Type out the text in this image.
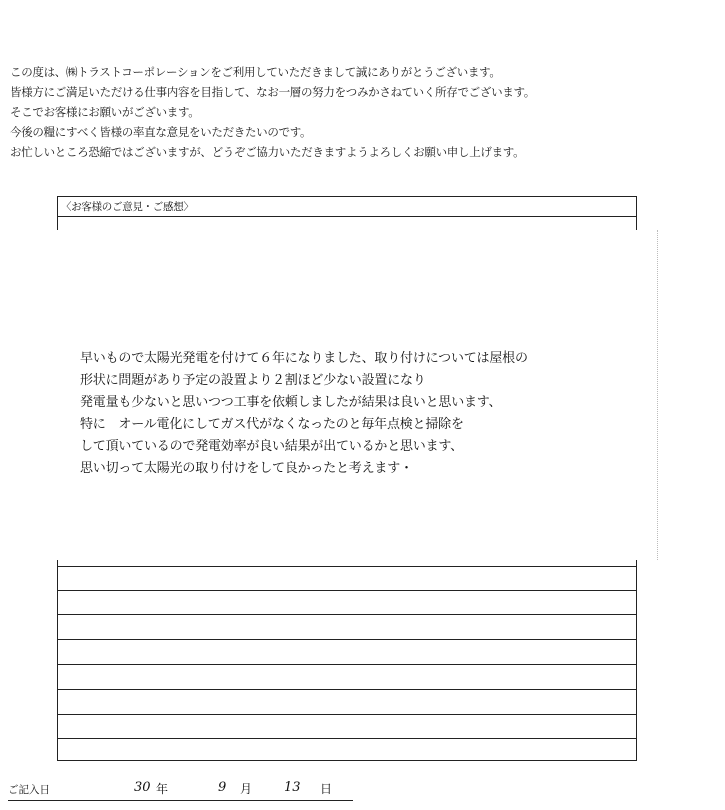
この度は、㈱トラストコーポレーションをご利用していただきまして誠にありがとうございます。
皆様方にご満足いただける仕事内容を目指して、なお一層の努力をつみかさねていく所存でございます。
そこでお客様にお願いがございます。
今後の糧にすべく皆様の率直な意見をいただきたいのです。
お忙しいところ恐縮ではございますが、どうぞご協力いただきますようよろしくお願い申し上げます。
〈お客様のご意見・ご感想〉
早いもので太陽光発電を付けて６年になりました、取り付けについては屋根の
形状に問題があり予定の設置より２割ほど少ない設置になり
発電量も少ないと思いつつ工事を依頼しましたが結果は良いと思います、
特に　オール電化にしてガス代がなくなったのと毎年点検と掃除を
して頂いているので発電効率が良い結果が出ているかと思います、
思い切って太陽光の取り付けをして良かったと考えます・
ご記入日	30 年	9 月 13 日
